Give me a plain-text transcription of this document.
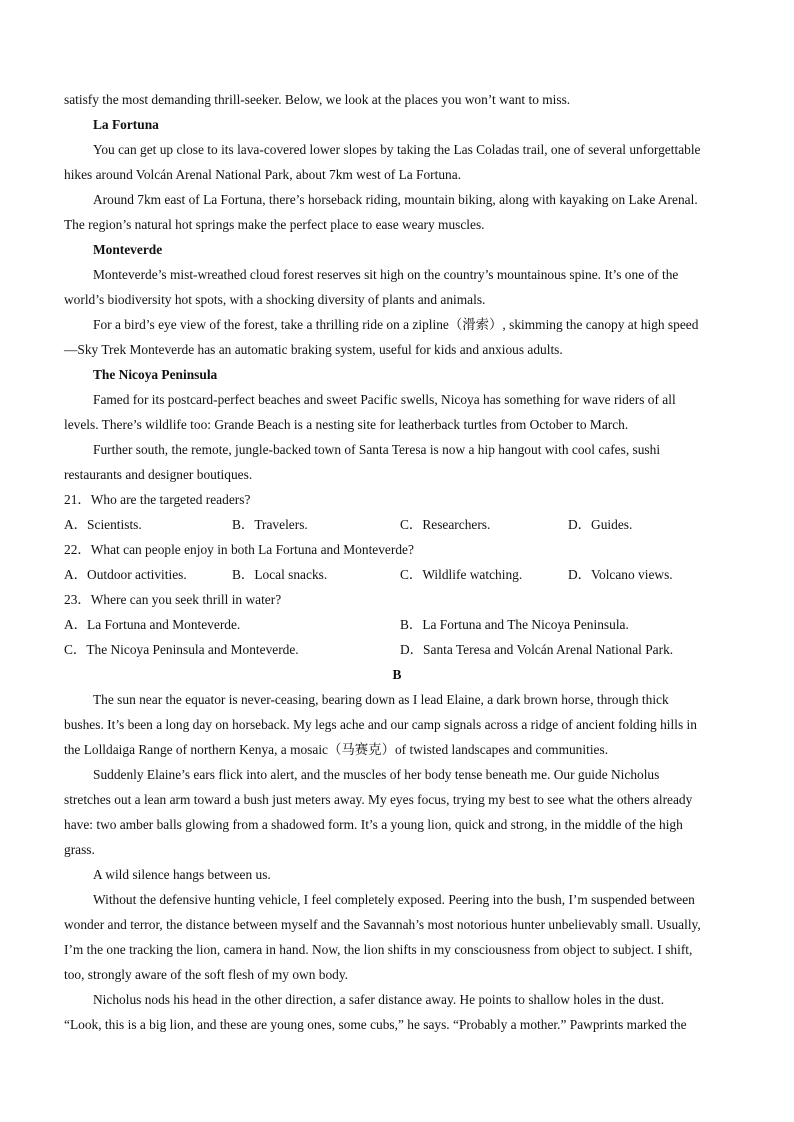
satisfy the most demanding thrill-seeker. Below, we look at the places you won’t want to miss.
La Fortuna
You can get up close to its lava-covered lower slopes by taking the Las Coladas trail, one of several unforgettable
hikes around Volcán Arenal National Park, about 7km west of La Fortuna.
Around 7km east of La Fortuna, there’s horseback riding, mountain biking, along with kayaking on Lake Arenal.
The region’s natural hot springs make the perfect place to ease weary muscles.
Monteverde
Monteverde’s mist-wreathed cloud forest reserves sit high on the country’s mountainous spine. It’s one of the
world’s biodiversity hot spots, with a shocking diversity of plants and animals.
For a bird’s eye view of the forest, take a thrilling ride on a zipline（滑索）, skimming the canopy at high speed
—Sky Trek Monteverde has an automatic braking system, useful for kids and anxious adults.
The Nicoya Peninsula
Famed for its postcard-perfect beaches and sweet Pacific swells, Nicoya has something for wave riders of all
levels. There’s wildlife too: Grande Beach is a nesting site for leatherback turtles from October to March.
Further south, the remote, jungle-backed town of Santa Teresa is now a hip hangout with cool cafes, sushi
restaurants and designer boutiques.
21．Who are the targeted readers?
A．Scientists.	B．Travelers.	C．Researchers.	D．Guides.
22．What can people enjoy in both La Fortuna and Monteverde?
A．Outdoor activities.	B．Local snacks.	C．Wildlife watching.	D．Volcano views.
23．Where can you seek thrill in water?
A．La Fortuna and Monteverde.	B．La Fortuna and The Nicoya Peninsula.
C．The Nicoya Peninsula and Monteverde.	D．Santa Teresa and Volcán Arenal National Park.
B
The sun near the equator is never-ceasing, bearing down as I lead Elaine, a dark brown horse, through thick
bushes. It’s been a long day on horseback. My legs ache and our camp signals across a ridge of ancient folding hills in
the Lolldaiga Range of northern Kenya, a mosaic（马赛克）of twisted landscapes and communities.
Suddenly Elaine’s ears flick into alert, and the muscles of her body tense beneath me. Our guide Nicholus
stretches out a lean arm toward a bush just meters away. My eyes focus, trying my best to see what the others already
have: two amber balls glowing from a shadowed form. It’s a young lion, quick and strong, in the middle of the high
grass.
A wild silence hangs between us.
Without the defensive hunting vehicle, I feel completely exposed. Peering into the bush, I’m suspended between
wonder and terror, the distance between myself and the Savannah’s most notorious hunter unbelievably small. Usually,
I’m the one tracking the lion, camera in hand. Now, the lion shifts in my consciousness from object to subject. I shift,
too, strongly aware of the soft flesh of my own body.
Nicholus nods his head in the other direction, a safer distance away. He points to shallow holes in the dust.
“Look, this is a big lion, and these are young ones, some cubs,” he says. “Probably a mother.” Pawprints marked the
